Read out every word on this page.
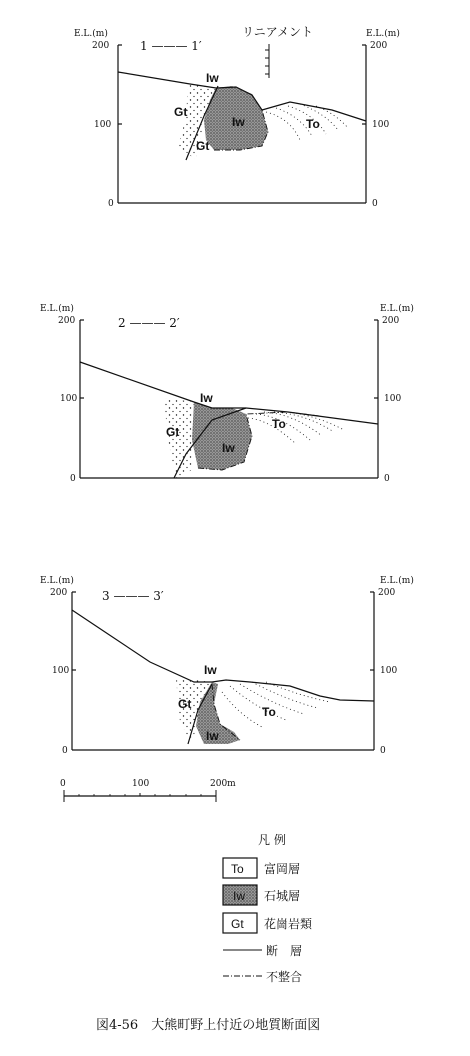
E.L.(m)	E.L.(m)
1 ——— 1′
リニアメント
200
100
0
200
100
0
Iw
Iw
Gt
Gt
To
E.L.(m)	E.L.(m)
2 ——— 2′
200
100
0
200
100
0
Iw
Iw
Gt
To
E.L.(m)	E.L.(m)
3 ——— 3′
200
100
0
200
100
0
Iw
Iw
Gt
To
0	100	200m
凡 例
To 富岡層
Iw 石城層
Gt 花崗岩類
断　層
不整合
図4-56　大熊町野上付近の地質断面図
